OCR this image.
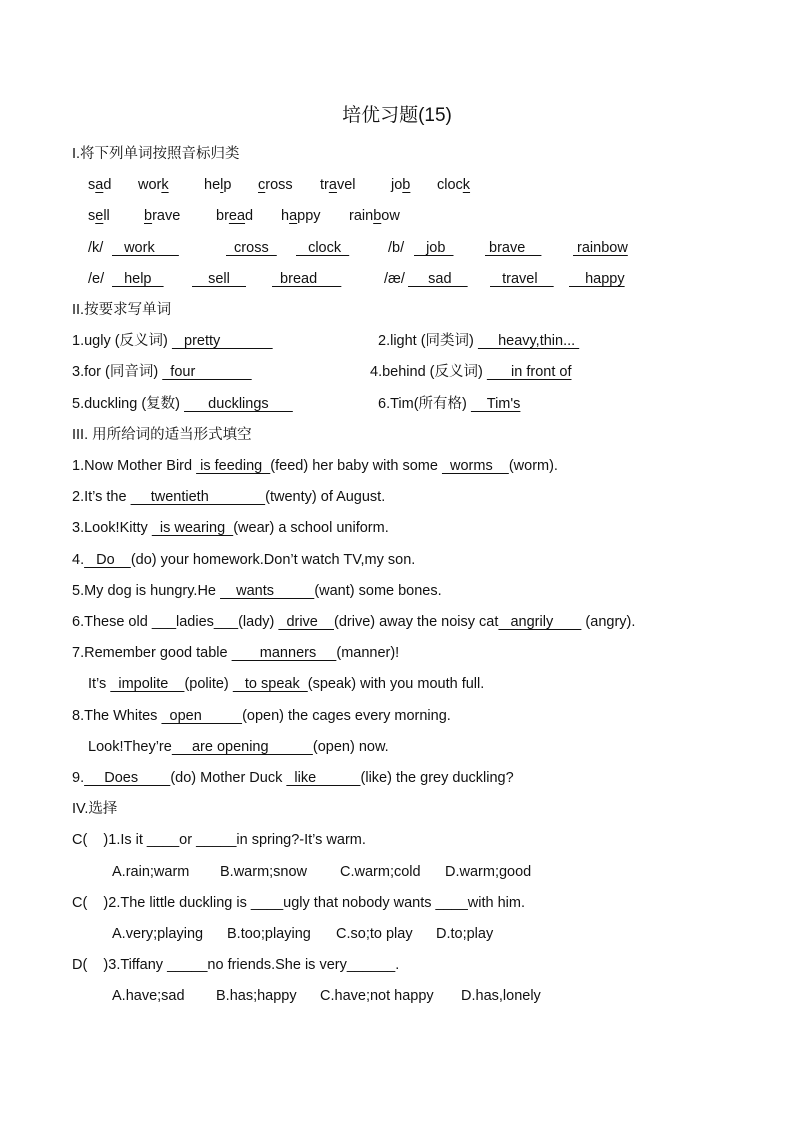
培优习题(15)
I.将下列单词按照音标归类
sad work help cross travel job clock
sell brave bread happy rainbow
/k/ work	cross clock	/b/ job brave rainbow
/e/ help sell bread	/æ/ sad travel happy
II.按要求写单词
1.ugly (反义词)    pretty	2.light (同类词)      heavy,thin...
3.for (同音词)   four	4.behind (反义词)       in front of
5.duckling (复数)       ducklings	6.Tim(所有格)     Tim's
III. 用所给词的适当形式填空
1.Now Mother Bird  is feeding  (feed) her baby with some   worms    (worm).
2.It’s the      twentieth              (twenty) of August.
3.Look!Kitty   is wearing  (wear) a school uniform.
4.   Do    (do) your homework.Don’t watch TV,my son.
5.My dog is hungry.He     wants          (want) some bones.
6.These old ___ladies___(lady)   drive    (drive) away the noisy cat   angrily        (angry).
7.Remember good table        manners     (manner)!
It’s   impolite    (polite)    to speak  (speak) with you mouth full.
8.The Whites   open          (open) the cages every morning.
Look!They’re     are opening           (open) now.
9.     Does        (do) Mother Duck   like           (like) the grey duckling?
IV.选择
C(    )1.Is it ____or _____in spring?-It’s warm.
A.rain;warm B.warm;snow C.warm;cold D.warm;good
C(    )2.The little duckling is ____ugly that nobody wants ____with him.
A.very;playing B.too;playing C.so;to play D.to;play
D(    )3.Tiffany _____no friends.She is very______.
A.have;sad B.has;happy C.have;not happy D.has,lonely
